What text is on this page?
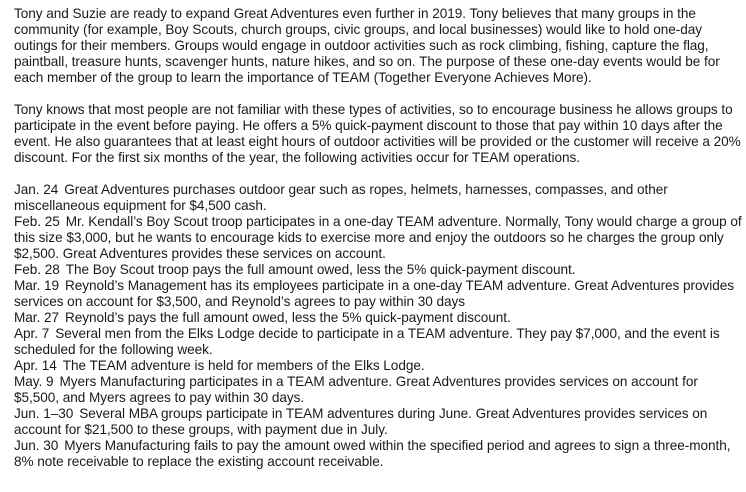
Tony and Suzie are ready to expand Great Adventures even further in 2019. Tony believes that many groups in the community (for example, Boy Scouts, church groups, civic groups, and local businesses) would like to hold one-day outings for their members. Groups would engage in outdoor activities such as rock climbing, fishing, capture the flag, paintball, treasure hunts, scavenger hunts, nature hikes, and so on. The purpose of these one-day events would be for each member of the group to learn the importance of TEAM (Together Everyone Achieves More).

Tony knows that most people are not familiar with these types of activities, so to encourage business he allows groups to participate in the event before paying. He offers a 5% quick-payment discount to those that pay within 10 days after the event. He also guarantees that at least eight hours of outdoor activities will be provided or the customer will receive a 20% discount. For the first six months of the year, the following activities occur for TEAM operations.

Jan. 24 Great Adventures purchases outdoor gear such as ropes, helmets, harnesses, compasses, and other miscellaneous equipment for $4,500 cash.
Feb. 25 Mr. Kendall’s Boy Scout troop participates in a one-day TEAM adventure. Normally, Tony would charge a group of this size $3,000, but he wants to encourage kids to exercise more and enjoy the outdoors so he charges the group only $2,500. Great Adventures provides these services on account.
Feb. 28 The Boy Scout troop pays the full amount owed, less the 5% quick-payment discount.
Mar. 19 Reynold’s Management has its employees participate in a one-day TEAM adventure. Great Adventures provides services on account for $3,500, and Reynold’s agrees to pay within 30 days
Mar. 27 Reynold’s pays the full amount owed, less the 5% quick-payment discount.
Apr. 7 Several men from the Elks Lodge decide to participate in a TEAM adventure. They pay $7,000, and the event is scheduled for the following week.
Apr. 14 The TEAM adventure is held for members of the Elks Lodge.
May. 9 Myers Manufacturing participates in a TEAM adventure. Great Adventures provides services on account for $5,500, and Myers agrees to pay within 30 days.
Jun. 1–30 Several MBA groups participate in TEAM adventures during June. Great Adventures provides services on account for $21,500 to these groups, with payment due in July.
Jun. 30 Myers Manufacturing fails to pay the amount owed within the specified period and agrees to sign a three-month, 8% note receivable to replace the existing account receivable.
